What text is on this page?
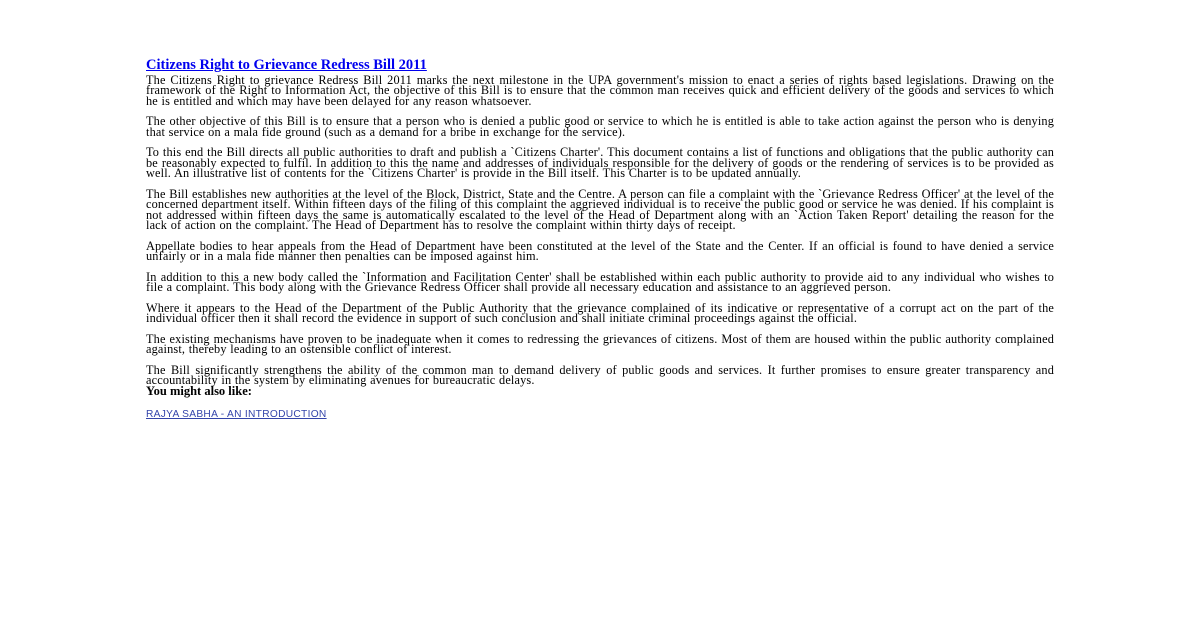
Citizens Right to Grievance Redress Bill 2011

The Citizens Right to grievance Redress Bill 2011 marks the next milestone in the UPA government's mission to enact a series of rights based legislations. Drawing on the framework of the Right to Information Act, the objective of this Bill is to ensure that the common man receives quick and efficient delivery of the goods and services to which he is entitled and which may have been delayed for any reason whatsoever.

The other objective of this Bill is to ensure that a person who is denied a public good or service to which he is entitled is able to take action against the person who is denying that service on a mala fide ground (such as a demand for a bribe in exchange for the service).

To this end the Bill directs all public authorities to draft and publish a `Citizens Charter'. This document contains a list of functions and obligations that the public authority can be reasonably expected to fulfil. In addition to this the name and addresses of individuals responsible for the delivery of goods or the rendering of services is to be provided as well. An illustrative list of contents for the `Citizens Charter' is provide in the Bill itself. This Charter is to be updated annually.

The Bill establishes new authorities at the level of the Block, District, State and the Centre. A person can file a complaint with the `Grievance Redress Officer' at the level of the concerned department itself. Within fifteen days of the filing of this complaint the aggrieved individual is to receive the public good or service he was denied. If his complaint is not addressed within fifteen days the same is automatically escalated to the level of the Head of Department along with an `Action Taken Report' detailing the reason for the lack of action on the complaint. The Head of Department has to resolve the complaint within thirty days of receipt.

Appellate bodies to hear appeals from the Head of Department have been constituted at the level of the State and the Center. If an official is found to have denied a service unfairly or in a mala fide manner then penalties can be imposed against him.

In addition to this a new body called the `Information and Facilitation Center' shall be established within each public authority to provide aid to any individual who wishes to file a complaint. This body along with the Grievance Redress Officer shall provide all necessary education and assistance to an aggrieved person.

Where it appears to the Head of the Department of the Public Authority that the grievance complained of its indicative or representative of a corrupt act on the part of the individual officer then it shall record the evidence in support of such conclusion and shall initiate criminal proceedings against the official.

The existing mechanisms have proven to be inadequate when it comes to redressing the grievances of citizens. Most of them are housed within the public authority complained against, thereby leading to an ostensible conflict of interest.

The Bill significantly strengthens the ability of the common man to demand delivery of public goods and services. It further promises to ensure greater transparency and accountability in the system by eliminating avenues for bureaucratic delays.

You might also like:
RAJYA SABHA - AN INTRODUCTION
